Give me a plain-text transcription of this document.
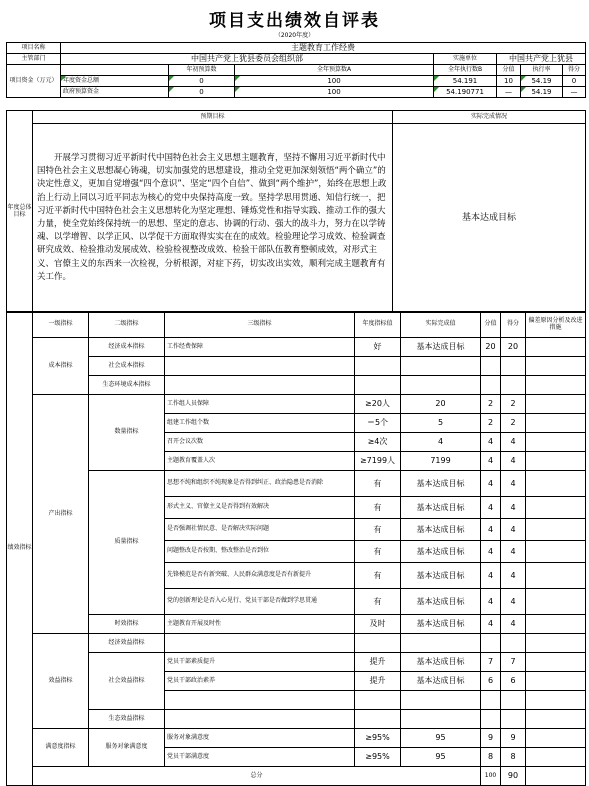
项目支出绩效自评表
（2020年度）
项目名称	主题教育工作经费						
主管部门	中国共产党上犹县委员会组织部			实施单位	中国共产党上犹县		
项目资金（万元）		年初预算数	全年预算数A	全年执行数B	分值	执行率	得分
	年度资金总额	0	100	54.191	10	54.19	0
	政府预算资金	0	100	54.190771	—	54.19	—
年度总体目标	预期目标	实际完成情况
	开展学习贯彻习近平新时代中国特色社会主义思想主题教育，坚持不懈用习近平新时代中国特色社会主义思想凝心铸魂，切实加强党的思想建设，推动全党更加深刻领悟“两个确立”的决定性意义，更加自觉增强“四个意识”、坚定“四个自信”、做到“两个维护”，始终在思想上政治上行动上同以习近平同志为核心的党中央保持高度一致。坚持学思用贯通、知信行统一，把习近平新时代中国特色社会主义思想转化为坚定理想、锤炼党性和指导实践、推动工作的强大力量，使全党始终保持统一的思想、坚定的意志、协调的行动、强大的战斗力，努力在以学铸魂、以学增智、以学正风、以学促干方面取得实实在在的成效。检验理论学习成效、检验调查研究成效、检验推动发展成效、检验检视整改成效、检验干部队伍教育整顿成效，对形式主义、官僚主义的东西来一次检视，分析根源，对症下药，切实改出实效，顺利完成主题教育有关工作。	基本达成目标
绩效指标	一级指标	二级指标	三级指标	年度指标值	实际完成值	分值	得分	偏差原因分析及改进措施
	成本指标	经济成本指标	工作经费保障	好	基本达成目标	20	20	
		社会成本指标						
		生态环境成本指标						
	产出指标	数量指标	工作组人员保障	≥20人	20	2	2	
			组建工作组个数	＝5个	5	2	2	
			召开会议次数	≥4次	4	4	4	
			主题教育覆盖人次	≥7199人	7199	4	4	
		质量指标	思想不纯和组织不纯现象是否得到纠正、政治隐患是否消除	有	基本达成目标	4	4	
			形式主义、官僚主义是否得到有效解决	有	基本达成目标	4	4	
			是否强调社情民意、是否解决实际问题	有	基本达成目标	4	4	
			问题整改是否按期、整改整治是否到位	有	基本达成目标	4	4	
			先锋模范是否有新突破、人民群众满意度是否有新提升	有	基本达成目标	4	4	
			党的创新理论是否入心见行、党员干部是否做到学思贯通	有	基本达成目标	4	4	
		时效指标	主题教育开展及时性	及时	基本达成目标	4	4	
	效益指标	经济效益指标						
		社会效益指标	党员干部素质提升	提升	基本达成目标	7	7	
			党员干部政治素养	提升	基本达成目标	6	6	

		生态效益指标						
	满意度指标	服务对象满意度	服务对象满意度	≥95%	95	9	9	
			党员干部满意度	≥95%	95	8	8	
	总分					100	90	
